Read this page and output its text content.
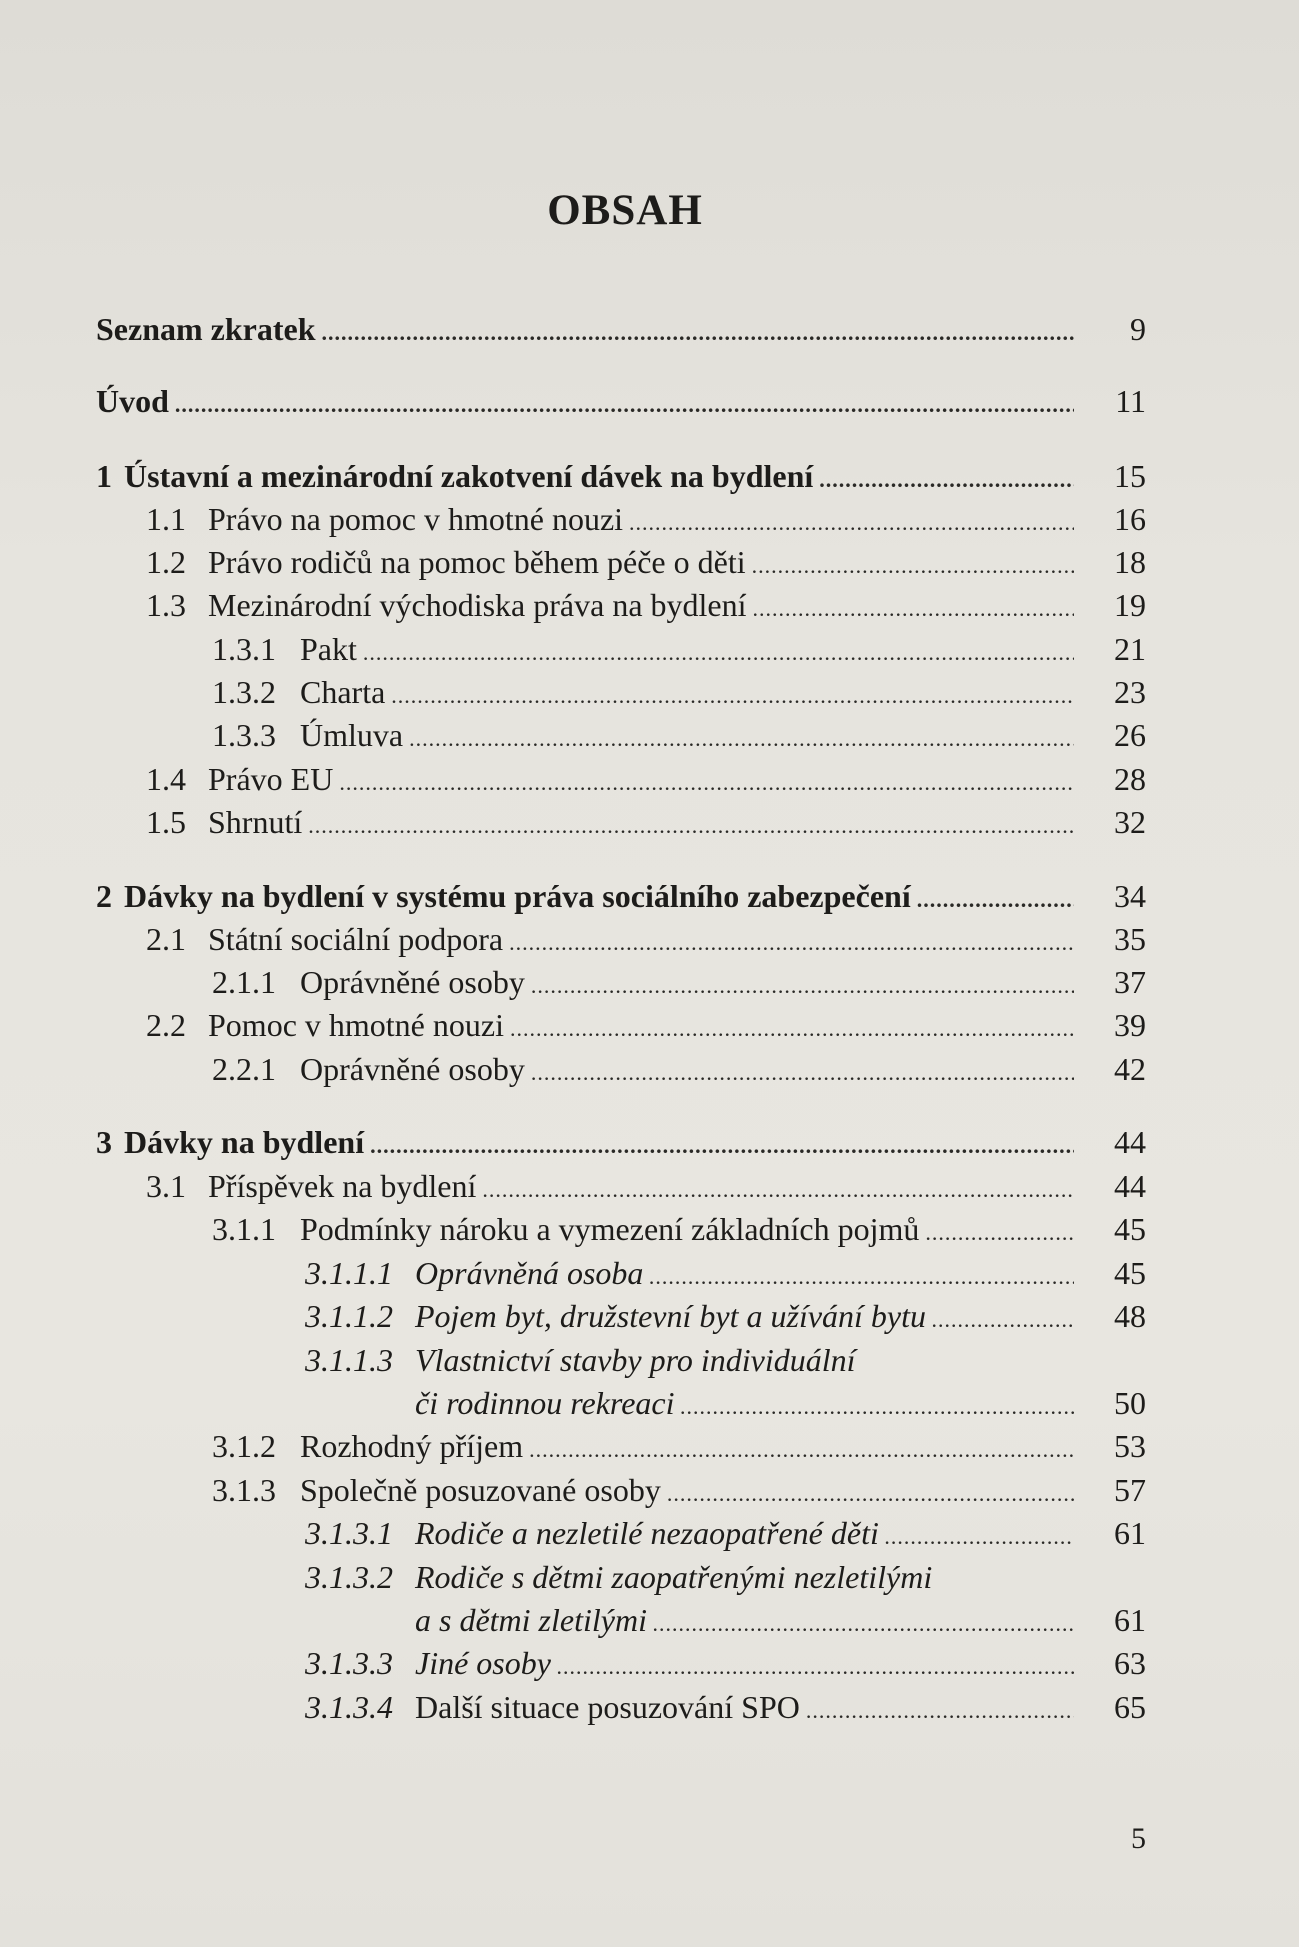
OBSAH
Seznam zkratek .....	9
Úvod .....	11
1 Ústavní a mezinárodní zakotvení dávek na bydlení .....	15
1.1 Právo na pomoc v hmotné nouzi .....	16
1.2 Právo rodičů na pomoc během péče o děti .....	18
1.3 Mezinárodní východiska práva na bydlení .....	19
1.3.1 Pakt .....	21
1.3.2 Charta .....	23
1.3.3 Úmluva .....	26
1.4 Právo EU .....	28
1.5 Shrnutí .....	32
2 Dávky na bydlení v systému práva sociálního zabezpečení .....	34
2.1 Státní sociální podpora .....	35
2.1.1 Oprávněné osoby .....	37
2.2 Pomoc v hmotné nouzi .....	39
2.2.1 Oprávněné osoby .....	42
3 Dávky na bydlení .....	44
3.1 Příspěvek na bydlení .....	44
3.1.1 Podmínky nároku a vymezení základních pojmů .....	45
3.1.1.1 Oprávněná osoba .....	45
3.1.1.2 Pojem byt, družstevní byt a užívání bytu .....	48
3.1.1.3 Vlastnictví stavby pro individuální
či rodinnou rekreaci .....	50
3.1.2 Rozhodný příjem .....	53
3.1.3 Společně posuzované osoby .....	57
3.1.3.1 Rodiče a nezletilé nezaopatřené děti .....	61
3.1.3.2 Rodiče s dětmi zaopatřenými nezletilými
a s dětmi zletilými .....	61
3.1.3.3 Jiné osoby .....	63
3.1.3.4 Další situace posuzování SPO .....	65
5
